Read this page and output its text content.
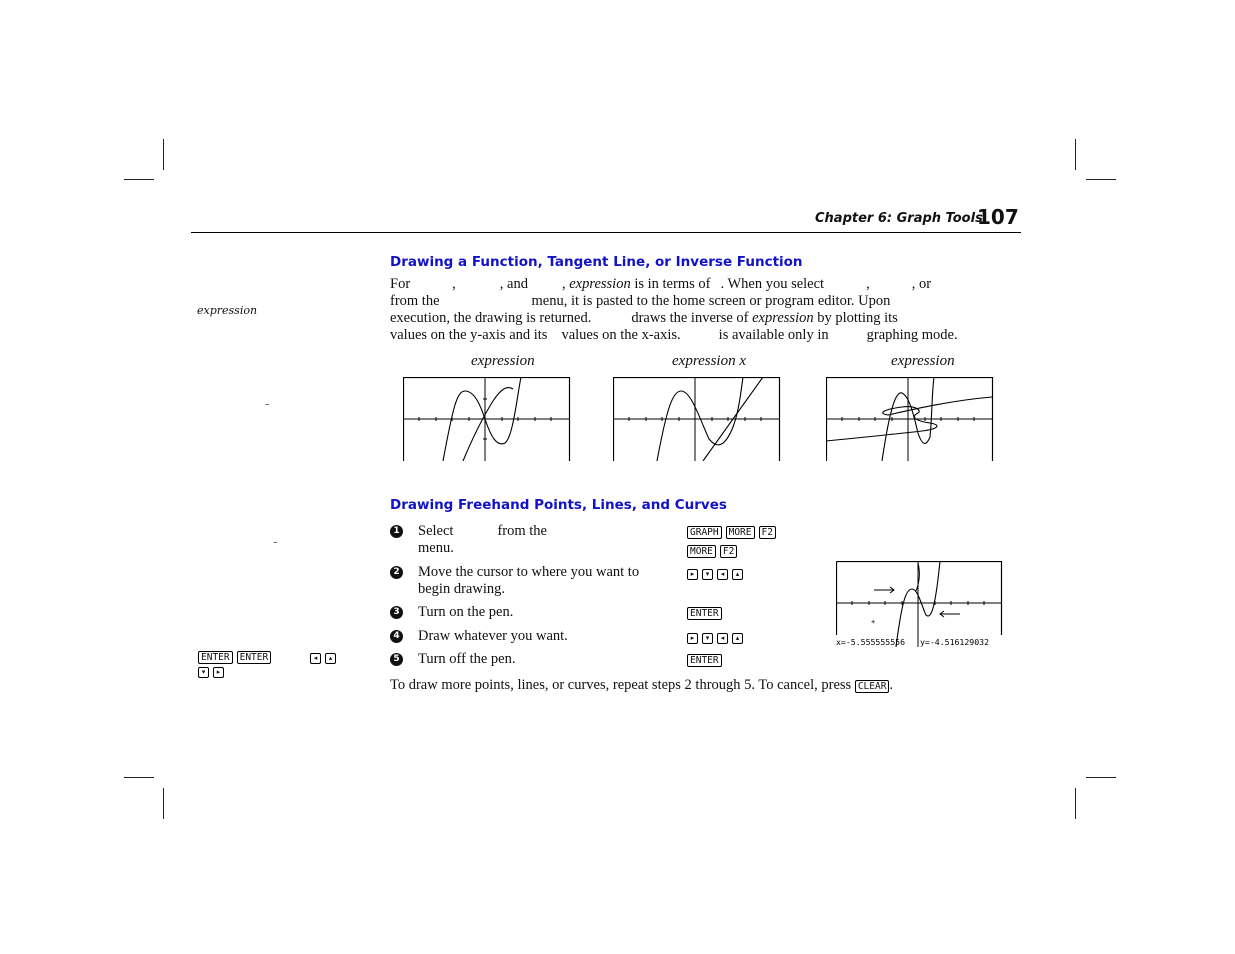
Chapter 6: Graph Tools
107
expression
–
–
ENTER ENTER	◂ ▴
▾ ▸
Drawing a Function, Tangent Line, or Inverse Function
For	,	, and , expression is in terms of . When you select	,	, or
from the	menu, it is pasted to the home screen or program editor. Upon
execution, the drawing is returned.	draws the inverse of expression by plotting its
values on the y-axis and its values on the x-axis.	is available only in	graphing mode.
expression	expression x	expression
Drawing Freehand Points, Lines, and Curves
1 Select	from the
menu.
GRAPH MORE F2
MORE F2
2 Move the cursor to where you want to
begin drawing.
▸ ▾ ◂ ▴
3 Turn on the pen.	ENTER
4 Draw whatever you want.	▸ ▾ ◂ ▴
5 Turn off the pen.	ENTER
+
x=-5.555555556 y=-4.516129032
To draw more points, lines, or curves, repeat steps 2 through 5. To cancel, press CLEAR .
